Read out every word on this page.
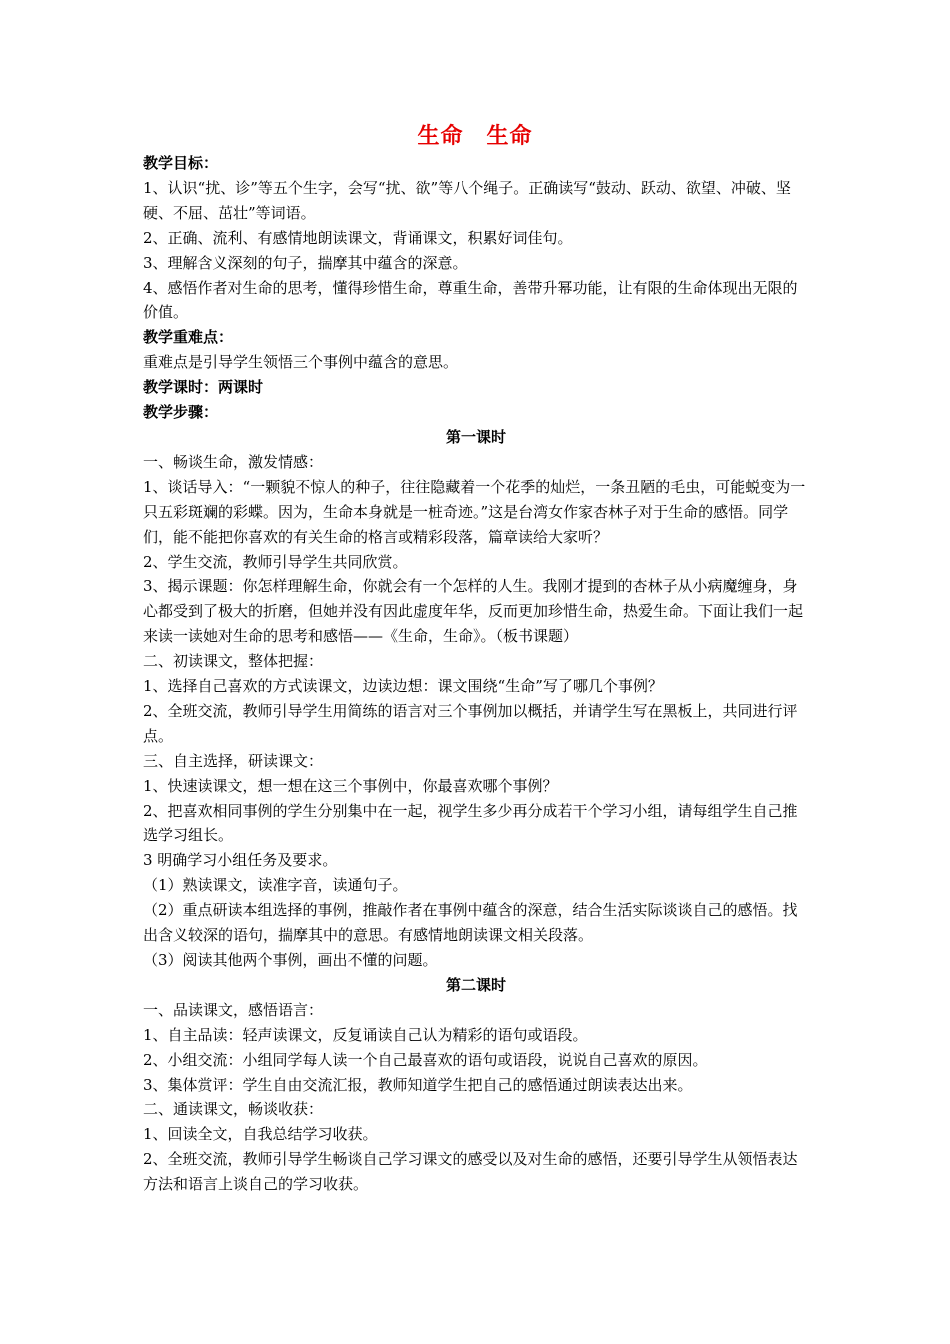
生命　生命

教学目标：

1、认识“扰、诊”等五个生字，会写“扰、欲”等八个绳子。正确读写“鼓动、跃动、欲望、冲破、坚硬、不屈、茁壮”等词语。

2、正确、流利、有感情地朗读课文，背诵课文，积累好词佳句。

3、理解含义深刻的句子，揣摩其中蕴含的深意。

4、感悟作者对生命的思考，懂得珍惜生命，尊重生命，善带升幂功能，让有限的生命体现出无限的价值。

教学重难点：

重难点是引导学生领悟三个事例中蕴含的意思。

教学课时：两课时

教学步骤：

第一课时

一、畅谈生命，激发情感：

1、谈话导入：“一颗貌不惊人的种子，往往隐藏着一个花季的灿烂，一条丑陋的毛虫，可能蜕变为一只五彩斑斓的彩蝶。因为，生命本身就是一桩奇迹。”这是台湾女作家杏林子对于生命的感悟。同学们，能不能把你喜欢的有关生命的格言或精彩段落，篇章读给大家听？

2、学生交流，教师引导学生共同欣赏。

3、揭示课题：你怎样理解生命，你就会有一个怎样的人生。我刚才提到的杏林子从小病魔缠身，身心都受到了极大的折磨，但她并没有因此虚度年华，反而更加珍惜生命，热爱生命。下面让我们一起来读一读她对生命的思考和感悟——《生命，生命》。（板书课题）

二、初读课文，整体把握：

1、选择自己喜欢的方式读课文，边读边想：课文围绕“生命”写了哪几个事例？

2、全班交流，教师引导学生用简练的语言对三个事例加以概括，并请学生写在黑板上，共同进行评点。

三、自主选择，研读课文：

1、快速读课文，想一想在这三个事例中，你最喜欢哪个事例？

2、把喜欢相同事例的学生分别集中在一起，视学生多少再分成若干个学习小组，请每组学生自己推选学习组长。

3 明确学习小组任务及要求。

（1）熟读课文，读准字音，读通句子。

（2）重点研读本组选择的事例，推敲作者在事例中蕴含的深意，结合生活实际谈谈自己的感悟。找出含义较深的语句，揣摩其中的意思。有感情地朗读课文相关段落。

（3）阅读其他两个事例，画出不懂的问题。

第二课时

一、品读课文，感悟语言：

1、自主品读：轻声读课文，反复诵读自己认为精彩的语句或语段。

2、小组交流：小组同学每人读一个自己最喜欢的语句或语段，说说自己喜欢的原因。

3、集体赏评：学生自由交流汇报，教师知道学生把自己的感悟通过朗读表达出来。

二、通读课文，畅谈收获：

1、回读全文，自我总结学习收获。

2、全班交流，教师引导学生畅谈自己学习课文的感受以及对生命的感悟，还要引导学生从领悟表达方法和语言上谈自己的学习收获。
